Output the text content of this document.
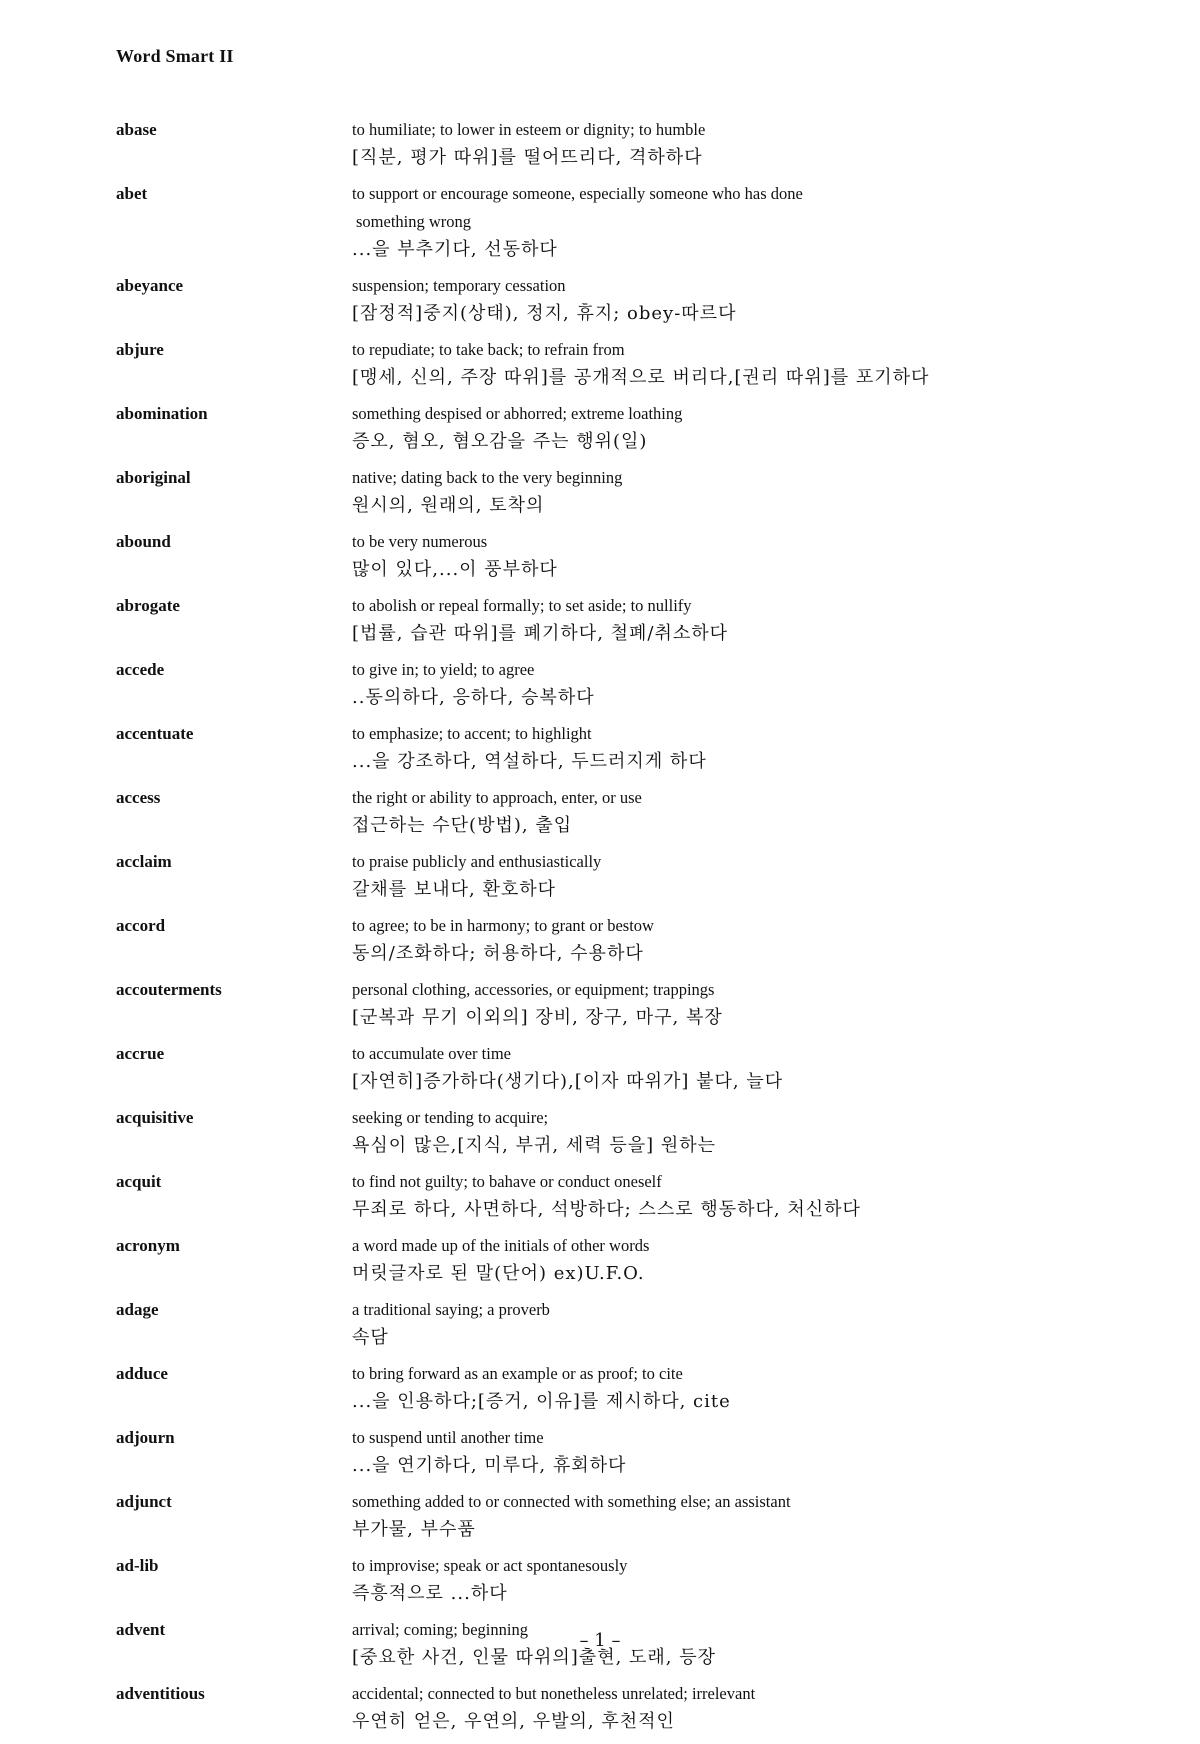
Word Smart II
abase	to humiliate; to lower in esteem or dignity; to humble
[직분, 평가 따위]를 떨어뜨리다, 격하하다
abet	to support or encourage someone, especially someone who has done
something wrong
...을 부추기다, 선동하다
abeyance	suspension; temporary cessation
[잠정적]중지(상태), 정지, 휴지; obey-따르다
abjure	to repudiate; to take back; to refrain from
[맹세, 신의, 주장 따위]를 공개적으로 버리다,[권리 따위]를 포기하다
abomination	something despised or abhorred; extreme loathing
증오, 혐오, 혐오감을 주는 행위(일)
aboriginal	native; dating back to the very beginning
원시의, 원래의, 토착의
abound	to be very numerous
많이 있다,...이 풍부하다
abrogate	to abolish or repeal formally; to set aside; to nullify
[법률, 습관 따위]를 폐기하다, 철폐/취소하다
accede	to give in; to yield; to agree
..동의하다, 응하다, 승복하다
accentuate	to emphasize; to accent; to highlight
...을 강조하다, 역설하다, 두드러지게 하다
access	the right or ability to approach, enter, or use
접근하는 수단(방법), 출입
acclaim	to praise publicly and enthusiastically
갈채를 보내다, 환호하다
accord	to agree; to be in harmony; to grant or bestow
동의/조화하다; 허용하다, 수용하다
accouterments	personal clothing, accessories, or equipment; trappings
[군복과 무기 이외의] 장비, 장구, 마구, 복장
accrue	to accumulate over time
[자연히]증가하다(생기다),[이자 따위가] 붙다, 늘다
acquisitive	seeking or tending to acquire;
욕심이 많은,[지식, 부귀, 세력 등을] 원하는
acquit	to find not guilty; to bahave or conduct oneself
무죄로 하다, 사면하다, 석방하다; 스스로 행동하다, 처신하다
acronym	a word made up of the initials of other words
머릿글자로 된 말(단어) ex)U.F.O.
adage	a traditional saying; a proverb
속담
adduce	to bring forward as an example or as proof; to cite
...을 인용하다;[증거, 이유]를 제시하다, cite
adjourn	to suspend until another time
...을 연기하다, 미루다, 휴회하다
adjunct	something added to or connected with something else; an assistant
부가물, 부수품
ad-lib	to improvise; speak or act spontanesously
즉흥적으로 ...하다
advent	arrival; coming; beginning
[중요한 사건, 인물 따위의]출현, 도래, 등장
adventitious	accidental; connected to but nonetheless unrelated; irrelevant
우연히 얻은, 우연의, 우발의, 후천적인
– 1 –
